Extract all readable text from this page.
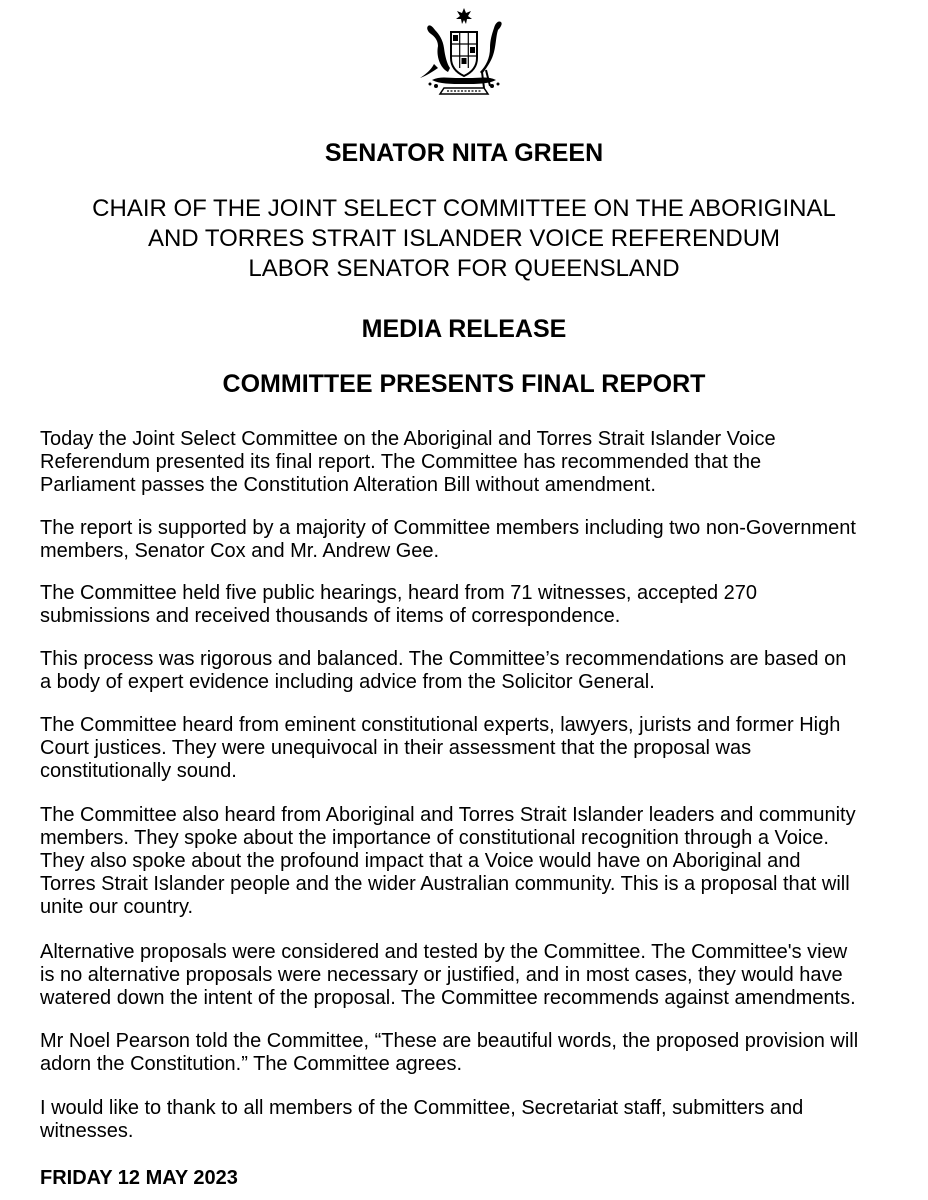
SENATOR NITA GREEN
CHAIR OF THE JOINT SELECT COMMITTEE ON THE ABORIGINAL
AND TORRES STRAIT ISLANDER VOICE REFERENDUM
LABOR SENATOR FOR QUEENSLAND
MEDIA RELEASE
COMMITTEE PRESENTS FINAL REPORT
Today the Joint Select Committee on the Aboriginal and Torres Strait Islander Voice
Referendum presented its final report. The Committee has recommended that the
Parliament passes the Constitution Alteration Bill without amendment.
The report is supported by a majority of Committee members including two non-Government
members, Senator Cox and Mr. Andrew Gee.
The Committee held five public hearings, heard from 71 witnesses, accepted 270
submissions and received thousands of items of correspondence.
This process was rigorous and balanced. The Committee’s recommendations are based on
a body of expert evidence including advice from the Solicitor General.
The Committee heard from eminent constitutional experts, lawyers, jurists and former High
Court justices. They were unequivocal in their assessment that the proposal was
constitutionally sound.
The Committee also heard from Aboriginal and Torres Strait Islander leaders and community
members. They spoke about the importance of constitutional recognition through a Voice.
They also spoke about the profound impact that a Voice would have on Aboriginal and
Torres Strait Islander people and the wider Australian community. This is a proposal that will
unite our country.
Alternative proposals were considered and tested by the Committee. The Committee's view
is no alternative proposals were necessary or justified, and in most cases, they would have
watered down the intent of the proposal. The Committee recommends against amendments.
Mr Noel Pearson told the Committee, “These are beautiful words, the proposed provision will
adorn the Constitution.” The Committee agrees.
I would like to thank to all members of the Committee, Secretariat staff, submitters and
witnesses.
FRIDAY 12 MAY 2023
